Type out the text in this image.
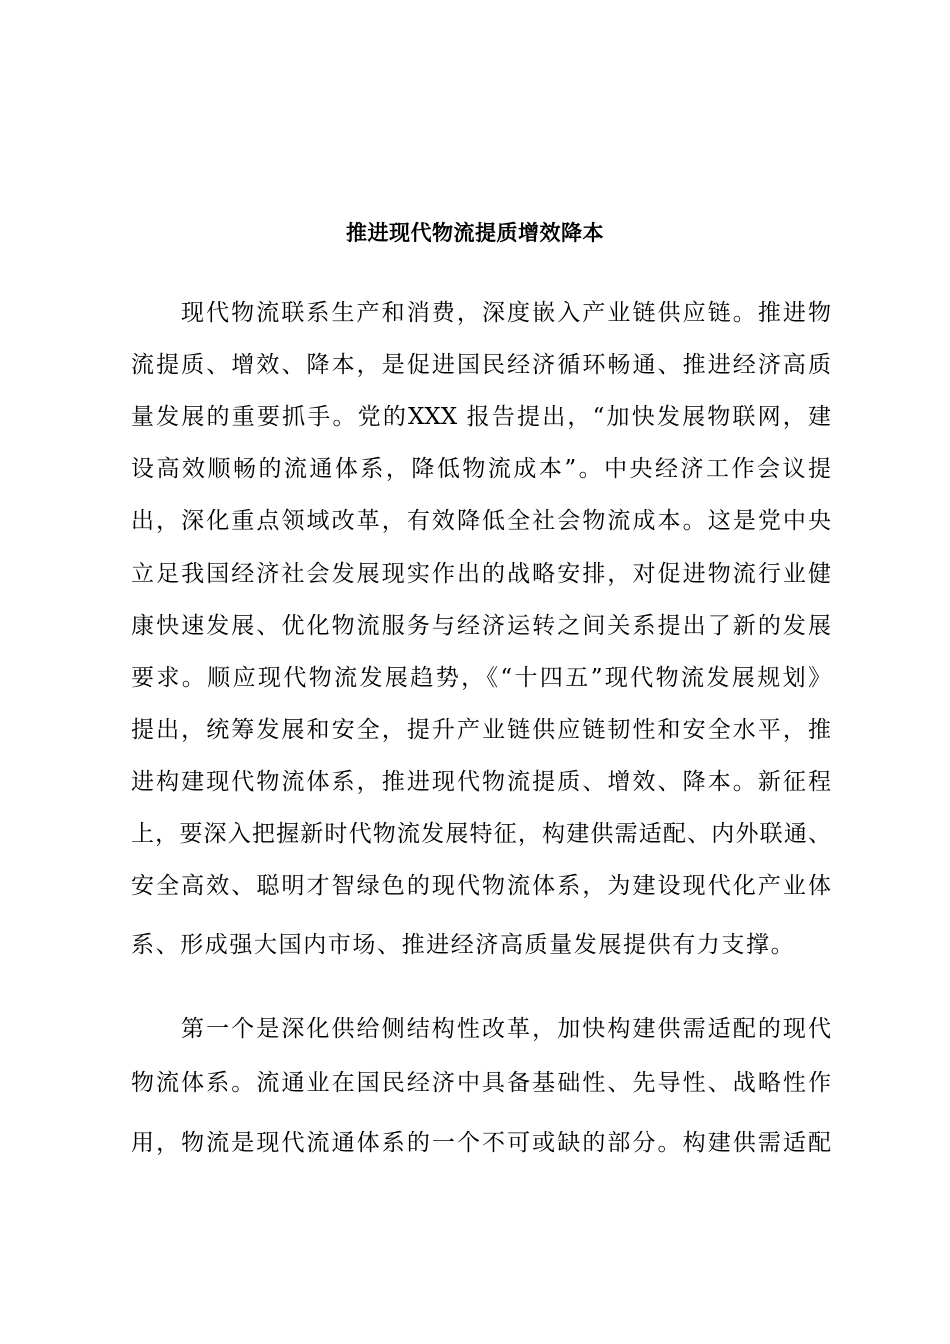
推进现代物流提质增效降本
现代物流联系生产和消费，深度嵌入产业链供应链。推进物
流提质、增效、降本，是促进国民经济循环畅通、推进经济高质
量发展的重要抓手。党的XXX 报告提出，“加快发展物联网，建
设高效顺畅的流通体系，降低物流成本”。中央经济工作会议提
出，深化重点领域改革，有效降低全社会物流成本。这是党中央
立足我国经济社会发展现实作出的战略安排，对促进物流行业健
康快速发展、优化物流服务与经济运转之间关系提出了新的发展
要求。顺应现代物流发展趋势，《“十四五”现代物流发展规划》
提出，统筹发展和安全，提升产业链供应链韧性和安全水平，推
进构建现代物流体系，推进现代物流提质、增效、降本。新征程
上，要深入把握新时代物流发展特征，构建供需适配、内外联通、
安全高效、聪明才智绿色的现代物流体系，为建设现代化产业体
系、形成强大国内市场、推进经济高质量发展提供有力支撑。
第一个是深化供给侧结构性改革，加快构建供需适配的现代
物流体系。流通业在国民经济中具备基础性、先导性、战略性作
用，物流是现代流通体系的一个不可或缺的部分。构建供需适配
